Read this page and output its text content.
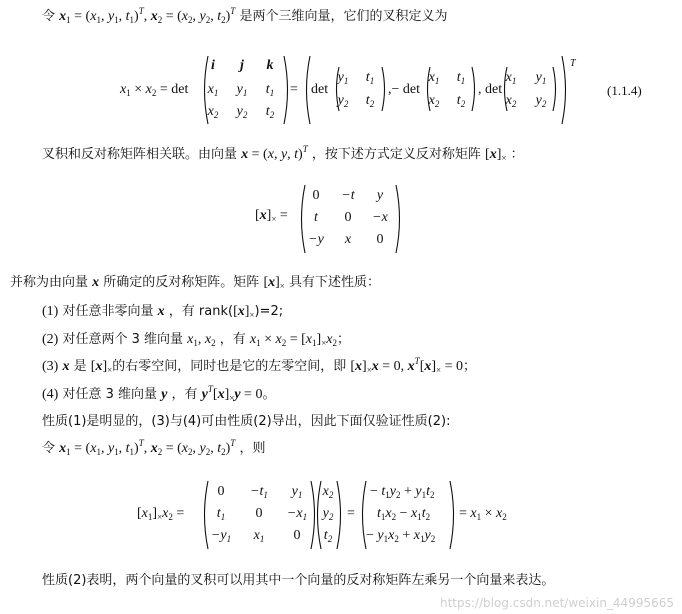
令 $x_1 = (x_1$, $y_1$, $t_1)^T$, $x_2 = (x_2$, $y_2$, $t_2)^T$ 是两个三维向量，它们的叉积定义为
$x_1 \times x_2 = \det$
i	j	k
$x_1$	$y_1$	$t_1$
$x_2$	$y_2$	$t_2$
= det
$y_1$	$t_1$
$y_2$	$t_2$
,− det
$x_1$	$t_1$
$x_2$	$t_2$
, det
$x_1$	$y_1$
$x_2$	$y_2$
T
(1.1.4)
叉积和反对称矩阵相关联。由向量 x = (x, y, t)$^T$ ，按下述方式定义反对称矩阵 $[x]_\times$ ：
$[x]_\times$ =
0	−t	y
t	0	−x
−y	x	0
并称为由向量 x 所确定的反对称矩阵。矩阵 $[x]_\times$ 具有下述性质：
(1) 对任意非零向量 x ，有 $rank([x]_\times)=2$;
(2) 对任意两个 3 维向量 $x_1$, $x_2$ ，有 $x_1 \times x_2 = [x_1]_\times x_2$；
(3) x 是 $[x]_\times$的右零空间，同时也是它的左零空间，即 $[x]_\times x = 0$, $x^T[x]_\times = 0$；
(4) 对任意 3 维向量 y ，有 $y^T[x]_\times y = 0$。
性质(1)是明显的，(3)与(4)可由性质(2)导出，因此下面仅验证性质(2):
令 $x_1 = (x_1$, $y_1$, $t_1)^T$, $x_2 = (x_2$, $y_2$, $t_2)^T$ ，则
$[x_1]_\times x_2$ =
0	$-t_1$	$y_1$
$t_1$	0	$-x_1$
$-y_1$	$x_1$	0
$x_2$
$y_2$
$t_2$
=
− $t_1y_2 + y_1t_2$
$t_1x_2 - x_1t_2$
− $y_1x_2 + x_1y_2$
= $x_1 \times x_2$
性质(2)表明，两个向量的叉积可以用其中一个向量的反对称矩阵左乘另一个向量来表达。
https://blog.csdn.net/weixin_44995665
